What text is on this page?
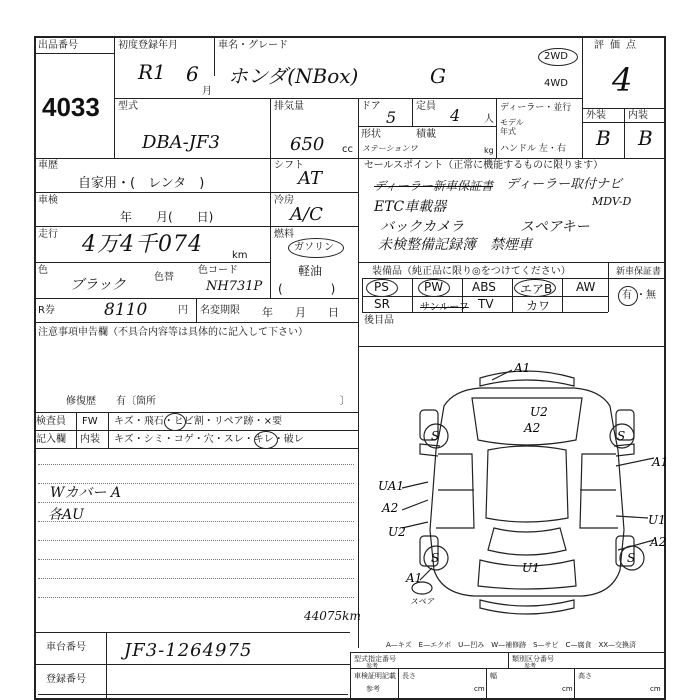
出品番号
4033
初度登録年月
R1 6
月
車名・グレード
ホンダ(NBox)	G
2WD
4WD
評価点
4
型式
DBA-JF3
排気量
650 cc
ドア
5
定員 4 人
形状
ステーションワ
積載
kg
ディーラー・並行
モデル
年式
ハンドル 左・右
外装 内装
B B
車歴
自家用・(　レンタ　)
シフト
AT
車検
年　　月(　　日)
冷房
A/C
走行 4万4千074	km
燃料
ガソリン
軽油
(　　　　)
色
ブラック	色替
色コード
NH731P
R券	8110	円 名変期限 年　　月　　日
注意事項申告欄（不具合内容等は具体的に記入して下さい）
修復歴 有〔箇所	〕
検査員
記入欄
FW
内装
キズ・飛石・ヒビ割・リペア跡・×要
キズ・シミ・コゲ・穴・スレ・キレ・破レ
Wカバー A
各AU
セールスポイント（正常に機能するものに限ります）
ディーラー新車保証書 ディーラー取付ナビ
MDV-D
ETC車載器
バックカメラ	スペアキー
未検整備記録簿　禁煙車
装備品（純正品に限り◎をつけてください）	新車保証書
PS	PW ABS エアB AW
SR	サンルーフ TV	カワ
有 ・ 無
後目品
A1
U2
A2
S	S
A1
UA1
A2
U2
U1
A2
U1
S	S
A1
スペア
44075km
A—キズ　E—エクボ　U—凹み　W—補修跡　S—サビ　C—腐食　XX—交換済
車台番号 JF3-1264975
登録番号
型式指定番号
参考
類別区分番号
参考
車検証明記載
参考
長さ
cm
幅
cm
高さ
cm
